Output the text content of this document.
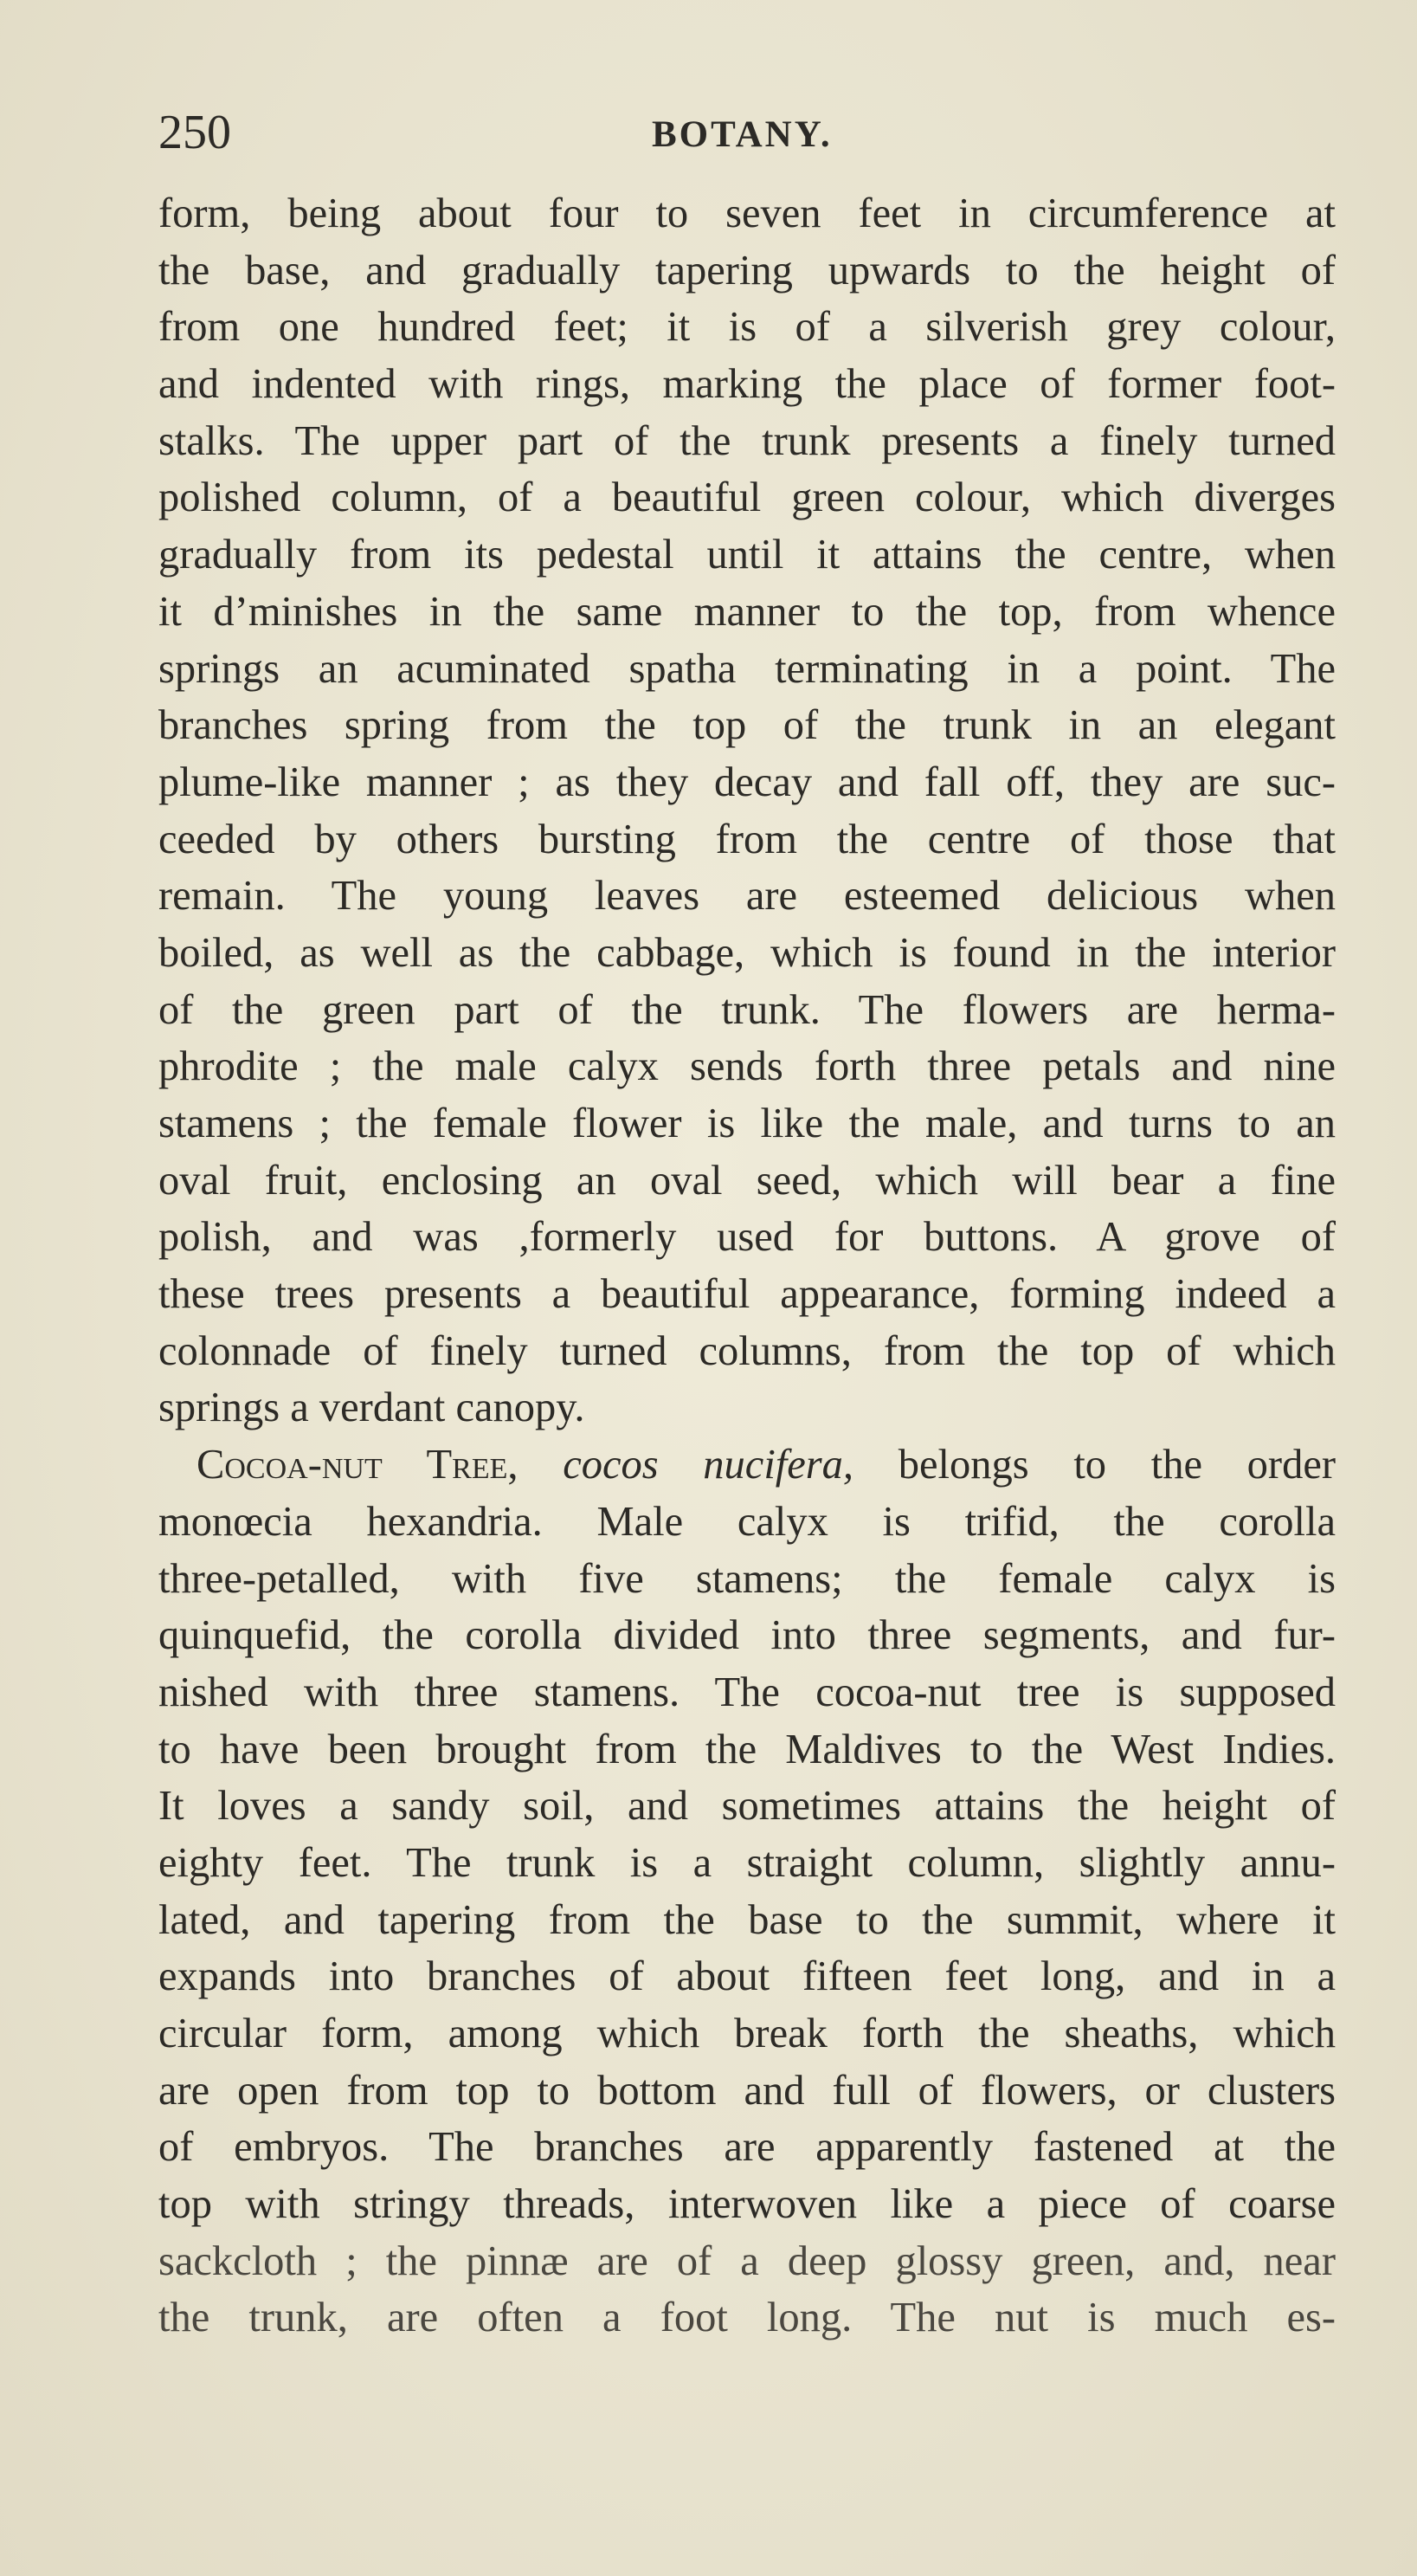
250	BOTANY.
form, being about four to seven feet in circumference at
the base, and gradually tapering upwards to the height of
from one hundred feet; it is of a silverish grey colour,
and indented with rings, marking the place of former foot-
stalks. The upper part of the trunk presents a finely turned
polished column, of a beautiful green colour, which diverges
gradually from its pedestal until it attains the centre, when
it d’minishes in the same manner to the top, from whence
springs an acuminated spatha terminating in a point. The
branches spring from the top of the trunk in an elegant
plume-like manner ; as they decay and fall off, they are suc-
ceeded by others bursting from the centre of those that
remain. The young leaves are esteemed delicious when
boiled, as well as the cabbage, which is found in the interior
of the green part of the trunk. The flowers are herma-
phrodite ; the male calyx sends forth three petals and nine
stamens ; the female flower is like the male, and turns to an
oval fruit, enclosing an oval seed, which will bear a fine
polish, and was ,formerly used for buttons. A grove of
these trees presents a beautiful appearance, forming indeed a
colonnade of finely turned columns, from the top of which
springs a verdant canopy.
Cocoa-nut Tree, cocos nucifera, belongs to the order
monœcia hexandria. Male calyx is trifid, the corolla
three-petalled, with five stamens; the female calyx is
quinquefid, the corolla divided into three segments, and fur-
nished with three stamens. The cocoa-nut tree is supposed
to have been brought from the Maldives to the West Indies.
It loves a sandy soil, and sometimes attains the height of
eighty feet. The trunk is a straight column, slightly annu-
lated, and tapering from the base to the summit, where it
expands into branches of about fifteen feet long, and in a
circular form, among which break forth the sheaths, which
are open from top to bottom and full of flowers, or clusters
of embryos. The branches are apparently fastened at the
top with stringy threads, interwoven like a piece of coarse
sackcloth ; the pinnæ are of a deep glossy green, and, near
the trunk, are often a foot long. The nut is much es-
